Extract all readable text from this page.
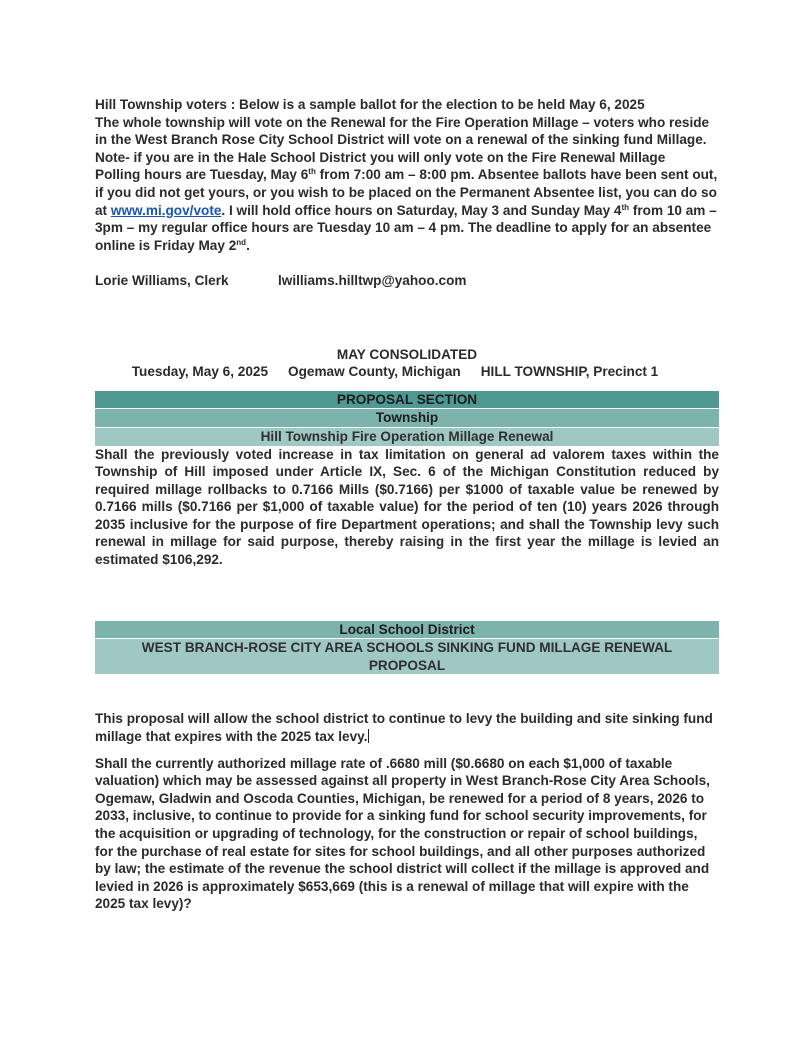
Hill Township voters : Below is a sample ballot for the election to be held May 6, 2025
The whole township will vote on the Renewal for the Fire Operation Millage – voters who reside in the West Branch Rose City School District will vote on a renewal of the sinking fund Millage. Note- if you are in the Hale School District you will only vote on the Fire Renewal Millage
Polling hours are Tuesday, May 6th from 7:00 am – 8:00 pm. Absentee ballots have been sent out, if you did not get yours, or you wish to be placed on the Permanent Absentee list, you can do so at www.mi.gov/vote. I will hold office hours on Saturday, May 3 and Sunday May 4th from 10 am – 3pm – my regular office hours are Tuesday 10 am – 4 pm. The deadline to apply for an absentee online is Friday May 2nd.
Lorie Williams, Clerk	lwilliams.hilltwp@yahoo.com
MAY CONSOLIDATED
Tuesday, May 6, 2025 Ogemaw County, Michigan HILL TOWNSHIP, Precinct 1
PROPOSAL SECTION
Township
Hill Township Fire Operation Millage Renewal

Shall the previously voted increase in tax limitation on general ad valorem taxes within the Township of Hill imposed under Article IX, Sec. 6 of the Michigan Constitution reduced by required millage rollbacks to 0.7166 Mills ($0.7166) per $1000 of taxable value be renewed by 0.7166 mills ($0.7166 per $1,000 of taxable value) for the period of ten (10) years 2026 through 2035 inclusive for the purpose of fire Department operations; and shall the Township levy such renewal in millage for said purpose, thereby raising in the first year the millage is levied an estimated $106,292.

Local School District
WEST BRANCH-ROSE CITY AREA SCHOOLS SINKING FUND MILLAGE RENEWAL PROPOSAL

This proposal will allow the school district to continue to levy the building and site sinking fund millage that expires with the 2025 tax levy.

Shall the currently authorized millage rate of .6680 mill ($0.6680 on each $1,000 of taxable valuation) which may be assessed against all property in West Branch-Rose City Area Schools, Ogemaw, Gladwin and Oscoda Counties, Michigan, be renewed for a period of 8 years, 2026 to 2033, inclusive, to continue to provide for a sinking fund for school security improvements, for the acquisition or upgrading of technology, for the construction or repair of school buildings, for the purchase of real estate for sites for school buildings, and all other purposes authorized by law; the estimate of the revenue the school district will collect if the millage is approved and levied in 2026 is approximately $653,669 (this is a renewal of millage that will expire with the 2025 tax levy)?
